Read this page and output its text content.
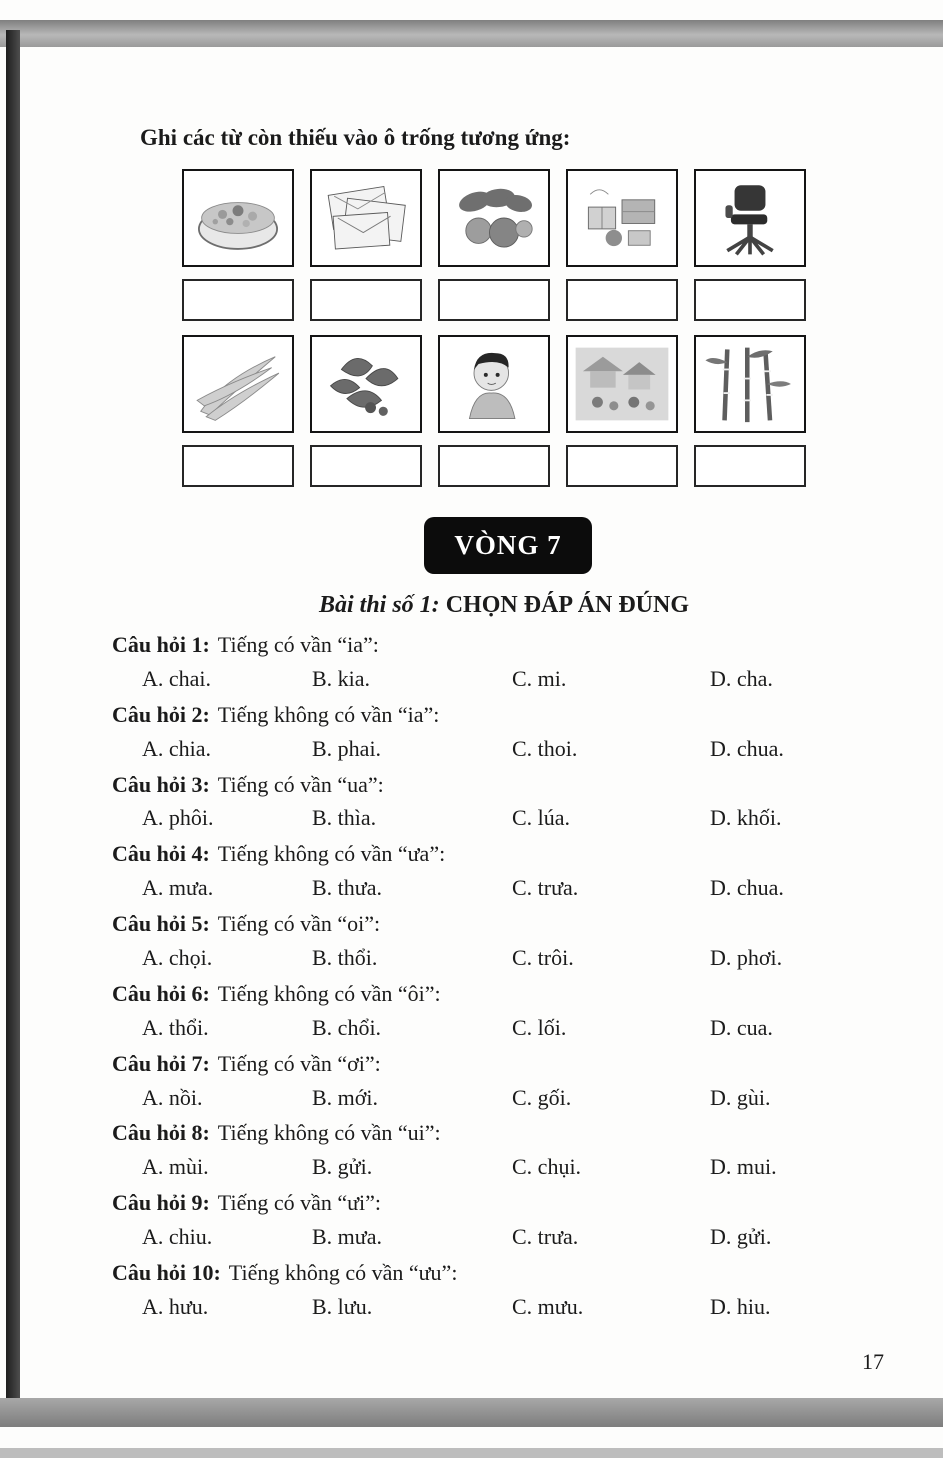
Ghi các từ còn thiếu vào ô trống tương ứng:

VÒNG 7
Bài thi số 1: CHỌN ĐÁP ÁN ĐÚNG
Câu hỏi 1: Tiếng có vần “ia”:
A. chai.	B. kia.	C. mi.	D. cha.
Câu hỏi 2: Tiếng không có vần “ia”:
A. chia.	B. phai.	C. thoi.	D. chua.
Câu hỏi 3: Tiếng có vần “ua”:
A. phôi.	B. thìa.	C. lúa.	D. khối.
Câu hỏi 4: Tiếng không có vần “ưa”:
A. mưa.	B. thưa.	C. trưa.	D. chua.
Câu hỏi 5: Tiếng có vần “oi”:
A. chọi.	B. thổi.	C. trôi.	D. phơi.
Câu hỏi 6: Tiếng không có vần “ôi”:
A. thổi.	B. chổi.	C. lối.	D. cua.
Câu hỏi 7: Tiếng có vần “ơi”:
A. nồi.	B. mới.	C. gối.	D. gùi.
Câu hỏi 8: Tiếng không có vần “ui”:
A. mùi.	B. gửi.	C. chụi.	D. mui.
Câu hỏi 9: Tiếng có vần “ưi”:
A. chiu.	B. mưa.	C. trưa.	D. gửi.
Câu hỏi 10: Tiếng không có vần “ưu”:
A. hưu.	B. lưu.	C. mưu.	D. hiu.
17
